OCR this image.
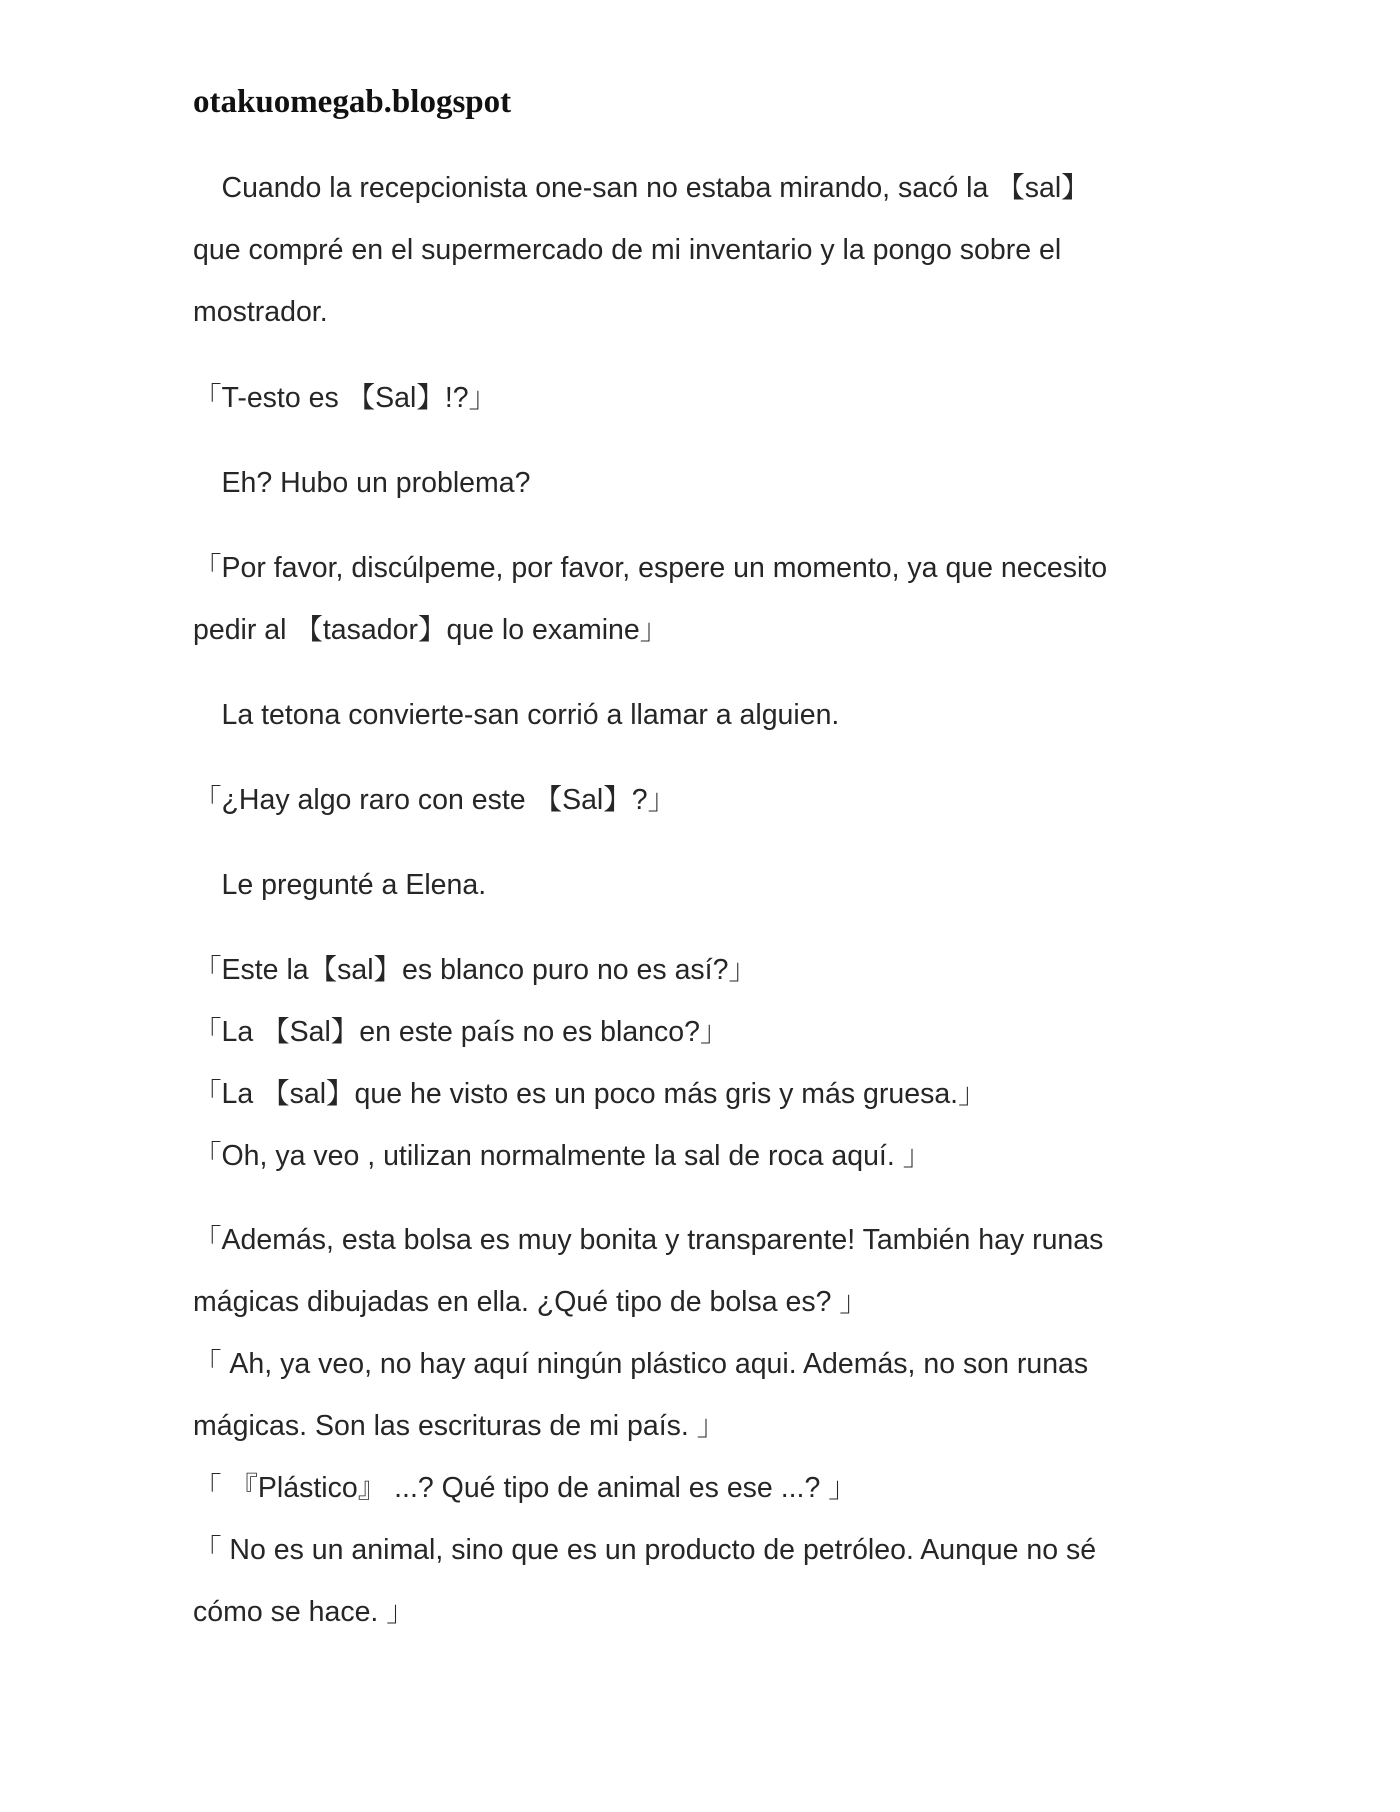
otakuomegab.blogspot

　Cuando la recepcionista one-san no estaba mirando, sacó la 【sal】
que compré en el supermercado de mi inventario y la pongo sobre el
mostrador.

「T-esto es 【Sal】!?」

　Eh? Hubo un problema?

「Por favor, discúlpeme, por favor, espere un momento, ya que necesito
pedir al 【tasador】que lo examine」

　La tetona convierte-san corrió a llamar a alguien.

「¿Hay algo raro con este 【Sal】?」

　Le pregunté a Elena.

「Este la【sal】es blanco puro no es así?」
「La 【Sal】en este país no es blanco?」
「La 【sal】que he visto es un poco más gris y más gruesa.」
「Oh, ya veo , utilizan normalmente la sal de roca aquí. 」

「Además, esta bolsa es muy bonita y transparente! También hay runas
mágicas dibujadas en ella. ¿Qué tipo de bolsa es? 」
「 Ah, ya veo, no hay aquí ningún plástico aqui. Además, no son runas
mágicas. Son las escrituras de mi país. 」
「 『Plástico』 ...? Qué tipo de animal es ese ...? 」
「 No es un animal, sino que es un producto de petróleo. Aunque no sé
cómo se hace. 」
